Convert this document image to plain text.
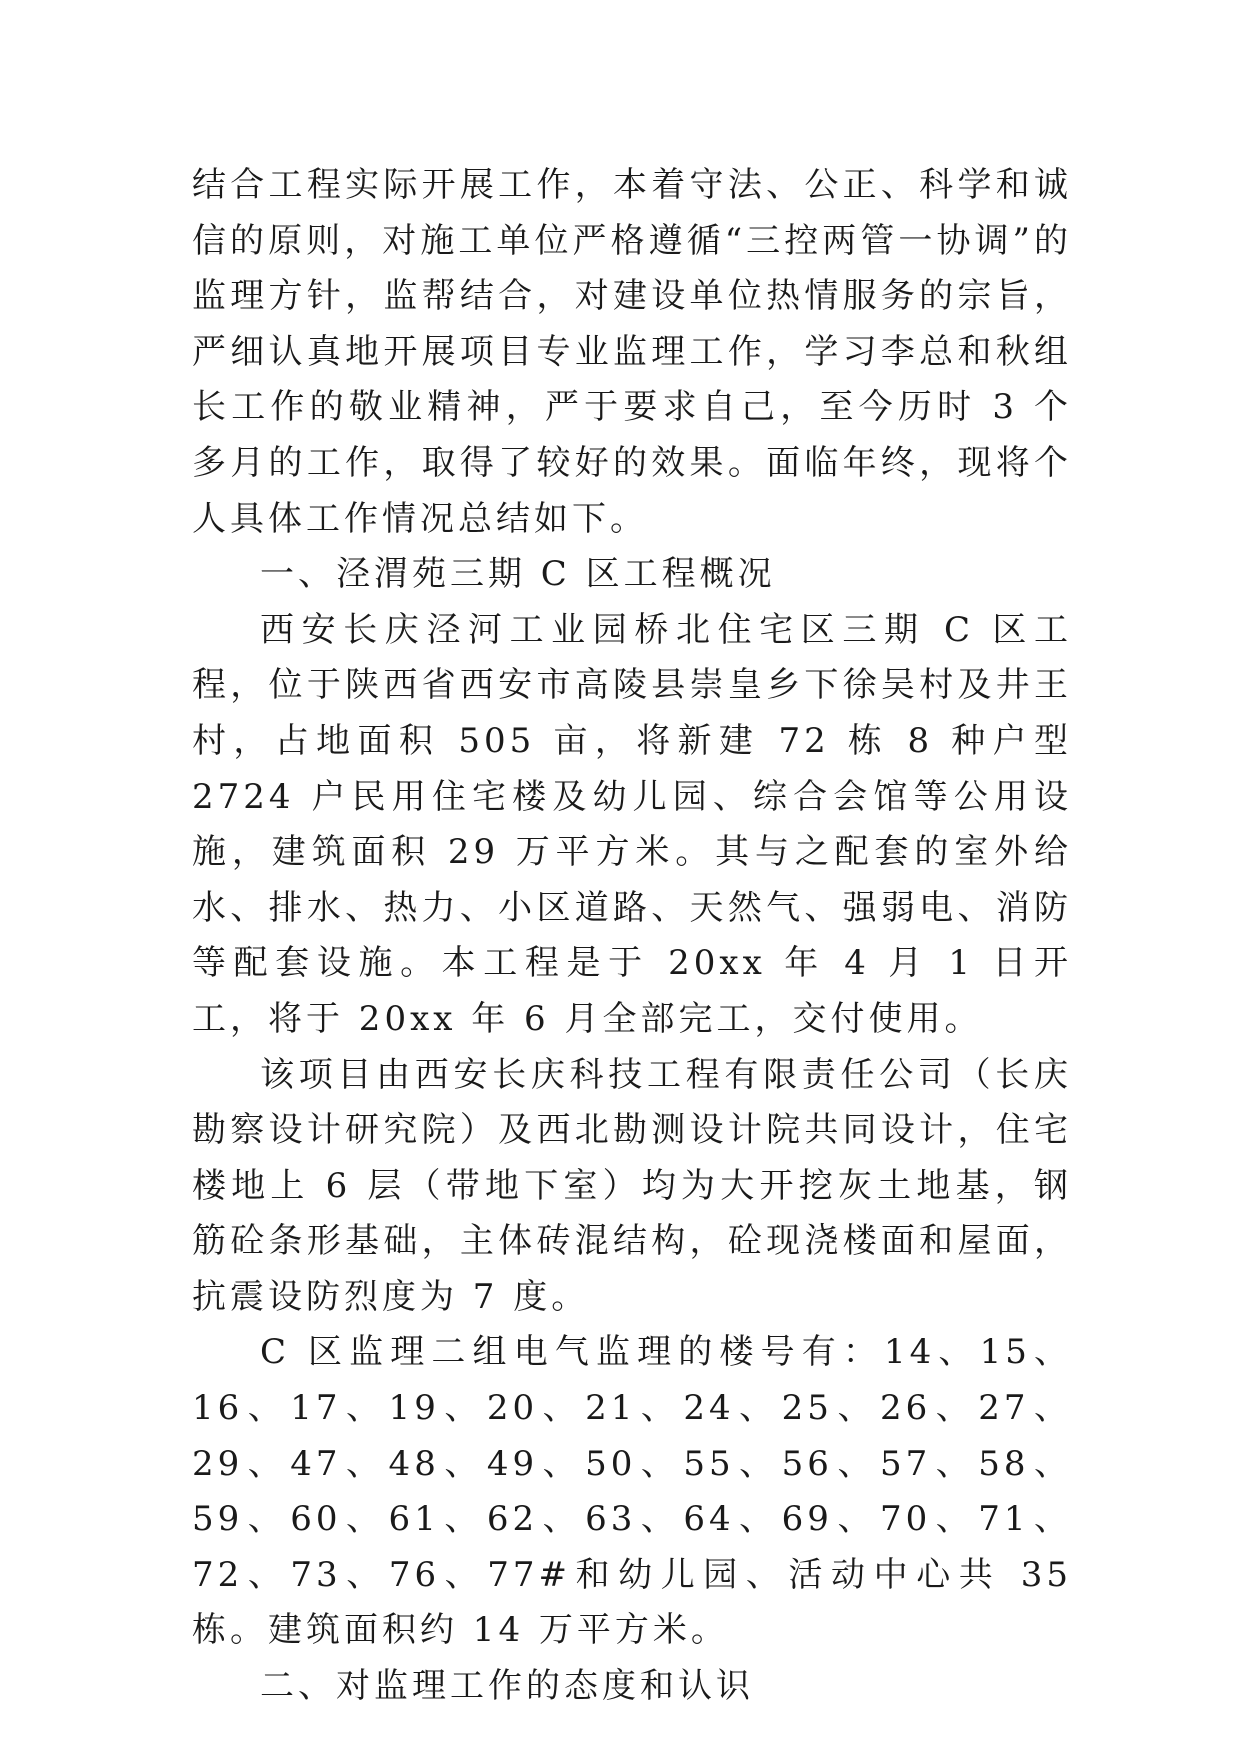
结合工程实际开展工作，本着守法、公正、科学和诚信的原则，对施工单位严格遵循“三控两管一协调”的监理方针，监帮结合，对建设单位热情服务的宗旨，严细认真地开展项目专业监理工作，学习李总和秋组长工作的敬业精神，严于要求自己，至今历时 3 个多月的工作，取得了较好的效果。面临年终，现将个人具体工作情况总结如下。

一、泾渭苑三期 C 区工程概况

西安长庆泾河工业园桥北住宅区三期 C 区工程，位于陕西省西安市高陵县崇皇乡下徐吴村及井王村，占地面积 505 亩，将新建 72 栋 8 种户型 2724 户民用住宅楼及幼儿园、综合会馆等公用设施，建筑面积 29 万平方米。其与之配套的室外给水、排水、热力、小区道路、天然气、强弱电、消防等配套设施。本工程是于 20xx 年 4 月 1 日开工，将于 20xx 年 6 月全部完工，交付使用。

该项目由西安长庆科技工程有限责任公司（长庆勘察设计研究院）及西北勘测设计院共同设计，住宅楼地上 6 层（带地下室）均为大开挖灰土地基，钢筋砼条形基础，主体砖混结构，砼现浇楼面和屋面，抗震设防烈度为 7 度。

C 区监理二组电气监理的楼号有：14、15、16、17、19、20、21、24、25、26、27、29、47、48、49、50、55、56、57、58、59、60、61、62、63、64、69、70、71、72、73、76、77#和幼儿园、活动中心共 35 栋。建筑面积约 14 万平方米。

二、对监理工作的态度和认识
